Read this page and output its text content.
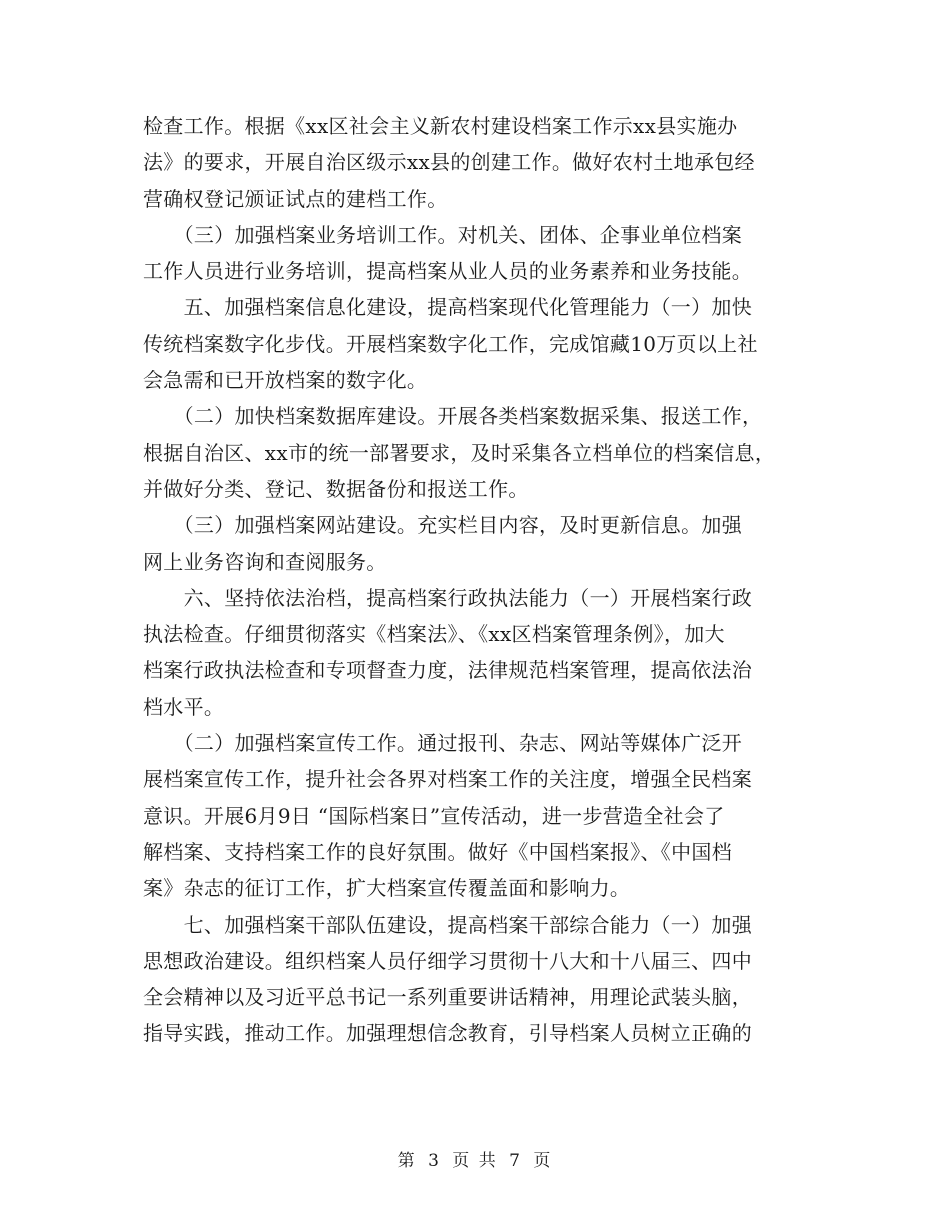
检查工作。根据《xx区社会主义新农村建设档案工作示xx县实施办
法》的要求，开展自治区级示xx县的创建工作。做好农村土地承包经
营确权登记颁证试点的建档工作。
　　（三）加强档案业务培训工作。对机关、团体、企事业单位档案
工作人员进行业务培训，提高档案从业人员的业务素养和业务技能。
　　五、加强档案信息化建设，提高档案现代化管理能力（一）加快
传统档案数字化步伐。开展档案数字化工作，完成馆藏10万页以上社
会急需和已开放档案的数字化。
　　（二）加快档案数据库建设。开展各类档案数据采集、报送工作，
根据自治区、xx市的统一部署要求，及时采集各立档单位的档案信息，
并做好分类、登记、数据备份和报送工作。
　　（三）加强档案网站建设。充实栏目内容，及时更新信息。加强
网上业务咨询和查阅服务。
　　六、坚持依法治档，提高档案行政执法能力（一）开展档案行政
执法检查。仔细贯彻落实《档案法》、《xx区档案管理条例》，加大
档案行政执法检查和专项督查力度，法律规范档案管理，提高依法治
档水平。
　　（二）加强档案宣传工作。通过报刊、杂志、网站等媒体广泛开
展档案宣传工作，提升社会各界对档案工作的关注度，增强全民档案
意识。开展6月9日 “国际档案日”宣传活动，进一步营造全社会了
解档案、支持档案工作的良好氛围。做好《中国档案报》、《中国档
案》杂志的征订工作，扩大档案宣传覆盖面和影响力。
　　七、加强档案干部队伍建设，提高档案干部综合能力（一）加强
思想政治建设。组织档案人员仔细学习贯彻十八大和十八届三、四中
全会精神以及习近平总书记一系列重要讲话精神，用理论武装头脑，
指导实践，推动工作。加强理想信念教育，引导档案人员树立正确的
第 3 页 共 7 页
